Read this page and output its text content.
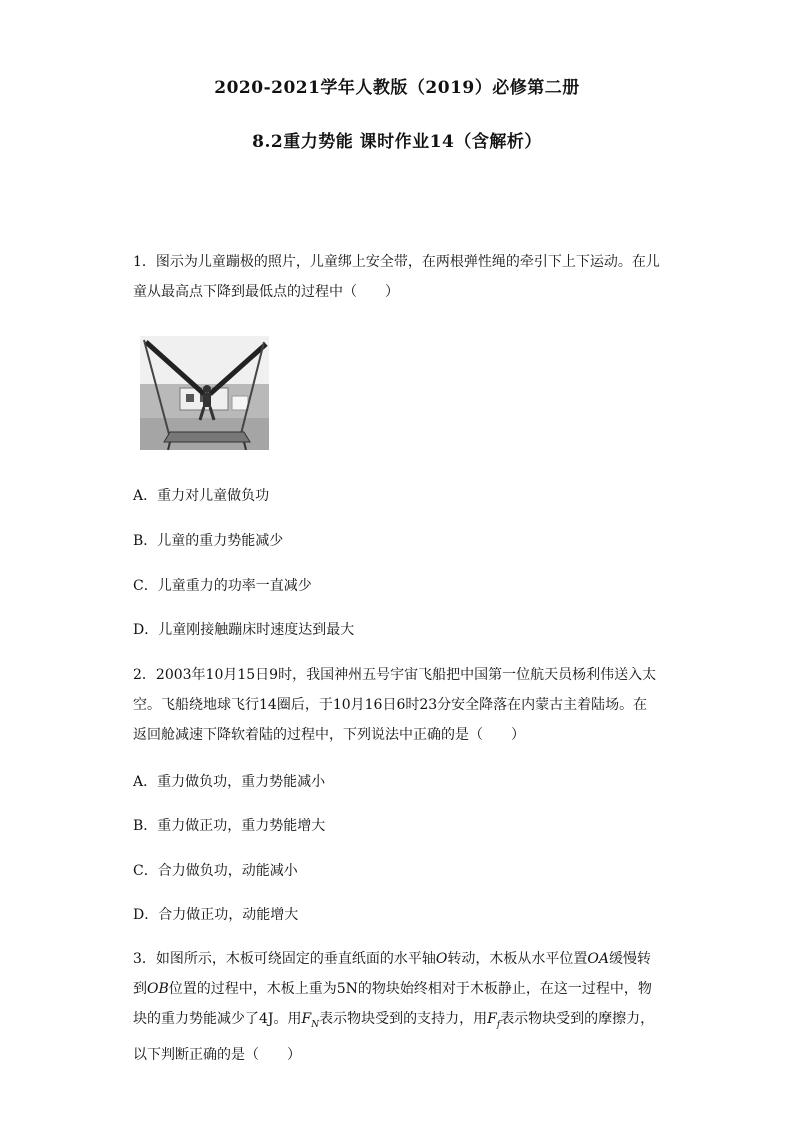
2020-2021学年人教版（2019）必修第二册
8.2重力势能 课时作业14（含解析）
1．图示为儿童蹦极的照片，儿童绑上安全带，在两根弹性绳的牵引下上下运动。在儿
童从最高点下降到最低点的过程中（　　）
A．重力对儿童做负功
B．儿童的重力势能减少
C．儿童重力的功率一直减少
D．儿童刚接触蹦床时速度达到最大
2．2003年10月15日9时，我国神州五号宇宙飞船把中国第一位航天员杨利伟送入太
空。飞船绕地球飞行14圈后，于10月16日6时23分安全降落在内蒙古主着陆场。在
返回舱减速下降软着陆的过程中，下列说法中正确的是（　　）
A．重力做负功，重力势能减小
B．重力做正功，重力势能增大
C．合力做负功，动能减小
D．合力做正功，动能增大
3．如图所示，木板可绕固定的垂直纸面的水平轴O转动，木板从水平位置OA缓慢转
到OB位置的过程中，木板上重为5N的物块始终相对于木板静止，在这一过程中，物
块的重力势能减少了4J。用$F_N$表示物块受到的支持力，用$F_f$表示物块受到的摩擦力，
以下判断正确的是（　　）
